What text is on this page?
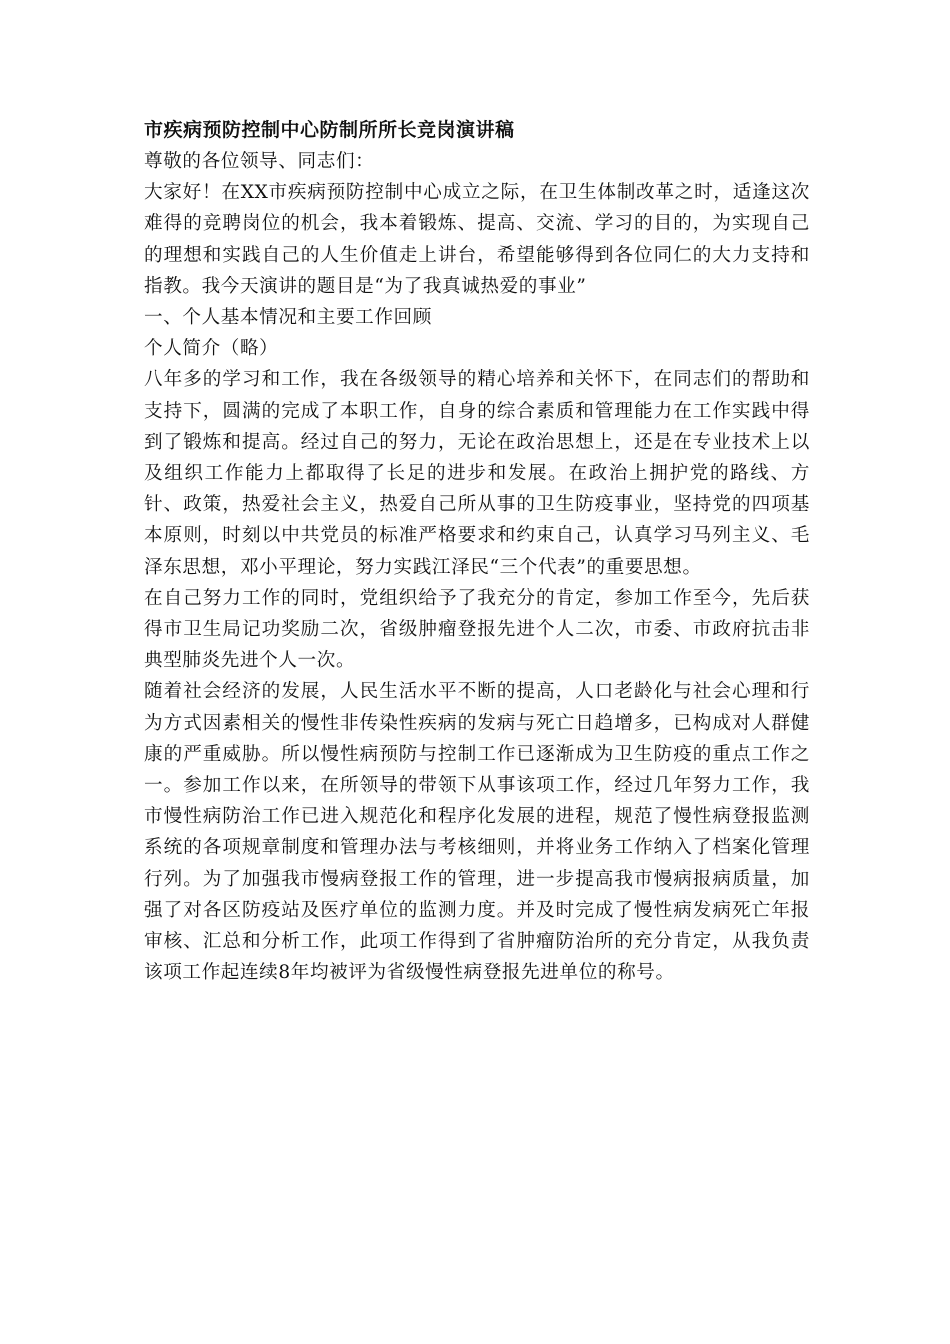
市疾病预防控制中心防制所所长竞岗演讲稿

尊敬的各位领导、同志们：

大家好！在XX市疾病预防控制中心成立之际，在卫生体制改革之时，适逢这次难得的竞聘岗位的机会，我本着锻炼、提高、交流、学习的目的，为实现自己的理想和实践自己的人生价值走上讲台，希望能够得到各位同仁的大力支持和指教。我今天演讲的题目是“为了我真诚热爱的事业”

一、个人基本情况和主要工作回顾

个人简介（略）

八年多的学习和工作，我在各级领导的精心培养和关怀下，在同志们的帮助和支持下，圆满的完成了本职工作，自身的综合素质和管理能力在工作实践中得到了锻炼和提高。经过自己的努力，无论在政治思想上，还是在专业技术上以及组织工作能力上都取得了长足的进步和发展。在政治上拥护党的路线、方针、政策，热爱社会主义，热爱自己所从事的卫生防疫事业，坚持党的四项基本原则，时刻以中共党员的标准严格要求和约束自己，认真学习马列主义、毛泽东思想，邓小平理论，努力实践江泽民“三个代表”的重要思想。

在自己努力工作的同时，党组织给予了我充分的肯定，参加工作至今，先后获得市卫生局记功奖励二次，省级肿瘤登报先进个人二次，市委、市政府抗击非典型肺炎先进个人一次。

随着社会经济的发展，人民生活水平不断的提高，人口老龄化与社会心理和行为方式因素相关的慢性非传染性疾病的发病与死亡日趋增多，已构成对人群健康的严重威胁。所以慢性病预防与控制工作已逐渐成为卫生防疫的重点工作之一。参加工作以来，在所领导的带领下从事该项工作，经过几年努力工作，我市慢性病防治工作已进入规范化和程序化发展的进程，规范了慢性病登报监测系统的各项规章制度和管理办法与考核细则，并将业务工作纳入了档案化管理行列。为了加强我市慢病登报工作的管理，进一步提高我市慢病报病质量，加强了对各区防疫站及医疗单位的监测力度。并及时完成了慢性病发病死亡年报审核、汇总和分析工作，此项工作得到了省肿瘤防治所的充分肯定，从我负责该项工作起连续8年均被评为省级慢性病登报先进单位的称号。
